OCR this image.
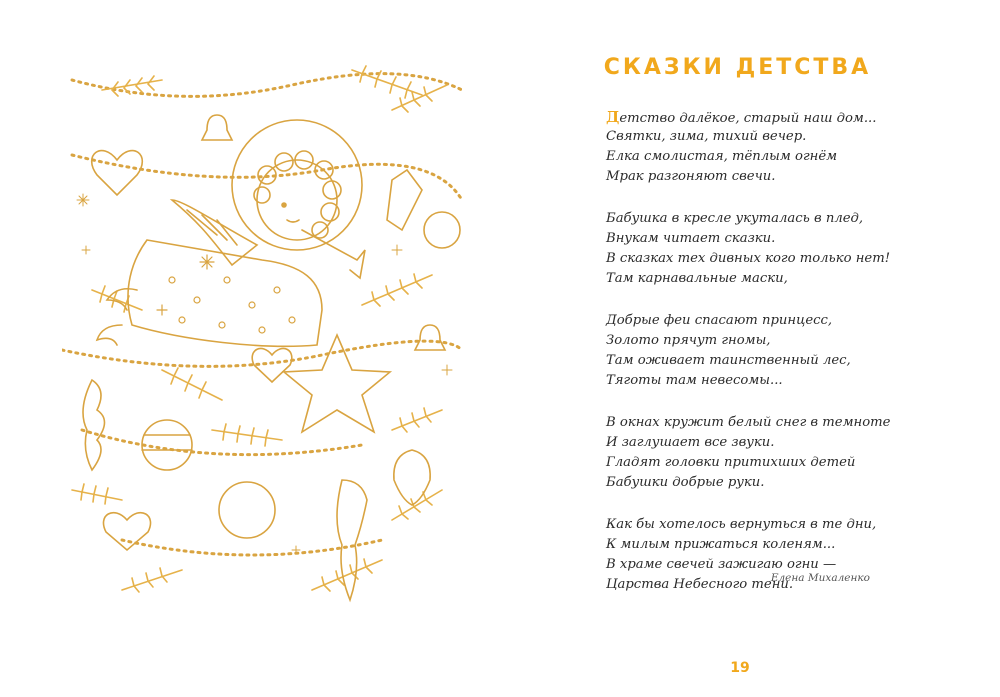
СКАЗКИ ДЕТСТВА
Детство далёкое, старый наш дом...
Святки, зима, тихий вечер.
Елка смолистая, тёплым огнём
Мрак разгоняют свечи.
Бабушка в кресле укуталась в плед,
Внукам читает сказки.
В сказках тех дивных кого только нет!
Там карнавальные маски,
Добрые феи спасают принцесс,
Золото прячут гномы,
Там оживает таинственный лес,
Тяготы там невесомы...
В окнах кружит белый снег в темноте
И заглушает все звуки.
Гладят головки притихших детей
Бабушки добрые руки.
Как бы хотелось вернуться в те дни,
К милым прижаться коленям...
В храме свечей зажигаю огни —
Царства Небесного тени.
Елена Михаленко
19
